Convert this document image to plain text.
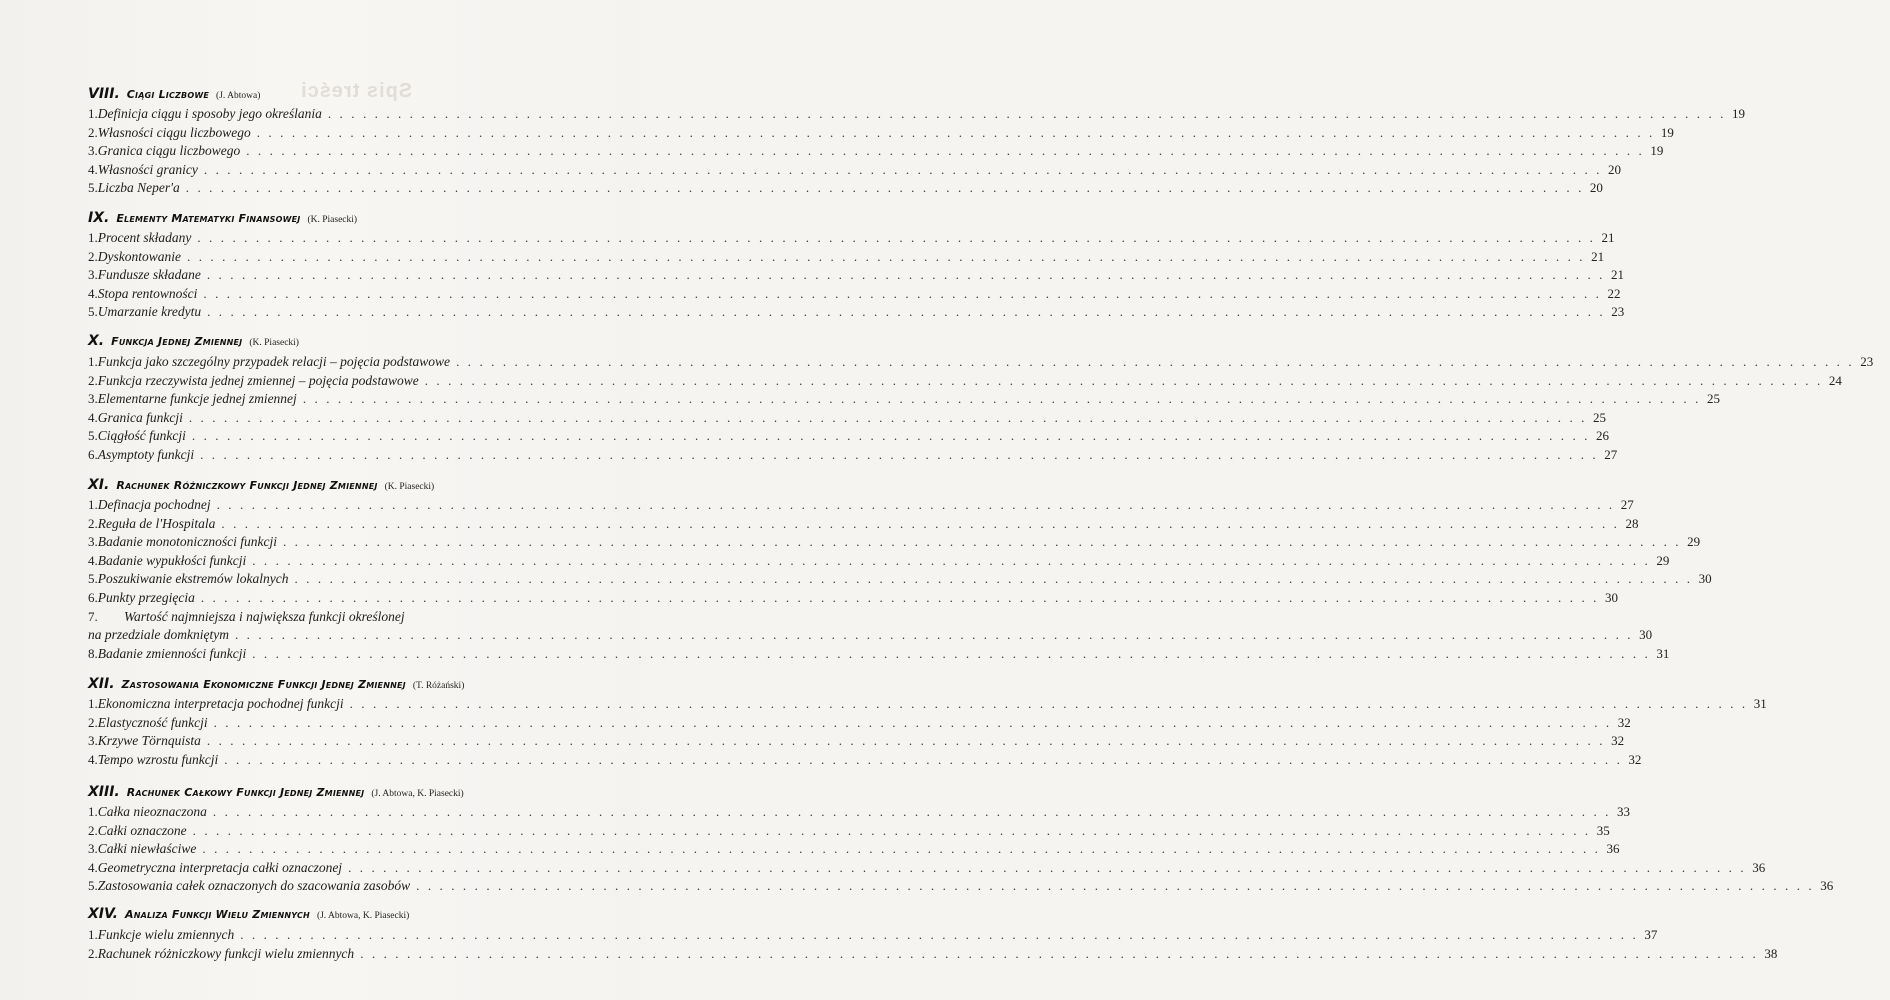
Spis treści
VIII. Ciągi Liczbowe (J. Abtowa)
1. Definicja ciągu i sposoby jego określania . . . . . . . . . . . . . . . . . . . . . . . . . . . . . . . . . . . . . . . . . . . . . . . . . . . . . . . . . . . . . . . . . . . . . . . . . . . . . . . . . . . . . . . . . . . . . . . . . . . . . . . . . . . . . . . . . . . . . . . . 19
2. Własności ciągu liczbowego . . . . . . . . . . . . . . . . . . . . . . . . . . . . . . . . . . . . . . . . . . . . . . . . . . . . . . . . . . . . . . . . . . . . . . . . . . . . . . . . . . . . . . . . . . . . . . . . . . . . . . . . . . . . . . . . . . . . . . . . 19
3. Granica ciągu liczbowego . . . . . . . . . . . . . . . . . . . . . . . . . . . . . . . . . . . . . . . . . . . . . . . . . . . . . . . . . . . . . . . . . . . . . . . . . . . . . . . . . . . . . . . . . . . . . . . . . . . . . . . . . . . . . . . . . . . . . . . . 19
4. Własności granicy . . . . . . . . . . . . . . . . . . . . . . . . . . . . . . . . . . . . . . . . . . . . . . . . . . . . . . . . . . . . . . . . . . . . . . . . . . . . . . . . . . . . . . . . . . . . . . . . . . . . . . . . . . . . . . . . . . . . . . . . 20
5. Liczba Neper'a . . . . . . . . . . . . . . . . . . . . . . . . . . . . . . . . . . . . . . . . . . . . . . . . . . . . . . . . . . . . . . . . . . . . . . . . . . . . . . . . . . . . . . . . . . . . . . . . . . . . . . . . . . . . . . . . . . . . . . . . 20
IX. Elementy Matematyki Finansowej (K. Piasecki)
1. Procent składany . . . . . . . . . . . . . . . . . . . . . . . . . . . . . . . . . . . . . . . . . . . . . . . . . . . . . . . . . . . . . . . . . . . . . . . . . . . . . . . . . . . . . . . . . . . . . . . . . . . . . . . . . . . . . . . . . . . . . . . . 21
2. Dyskontowanie . . . . . . . . . . . . . . . . . . . . . . . . . . . . . . . . . . . . . . . . . . . . . . . . . . . . . . . . . . . . . . . . . . . . . . . . . . . . . . . . . . . . . . . . . . . . . . . . . . . . . . . . . . . . . . . . . . . . . . . . 21
3. Fundusze składane . . . . . . . . . . . . . . . . . . . . . . . . . . . . . . . . . . . . . . . . . . . . . . . . . . . . . . . . . . . . . . . . . . . . . . . . . . . . . . . . . . . . . . . . . . . . . . . . . . . . . . . . . . . . . . . . . . . . . . . . 21
4. Stopa rentowności . . . . . . . . . . . . . . . . . . . . . . . . . . . . . . . . . . . . . . . . . . . . . . . . . . . . . . . . . . . . . . . . . . . . . . . . . . . . . . . . . . . . . . . . . . . . . . . . . . . . . . . . . . . . . . . . . . . . . . . . 22
5. Umarzanie kredytu . . . . . . . . . . . . . . . . . . . . . . . . . . . . . . . . . . . . . . . . . . . . . . . . . . . . . . . . . . . . . . . . . . . . . . . . . . . . . . . . . . . . . . . . . . . . . . . . . . . . . . . . . . . . . . . . . . . . . . . . 23
X. Funkcja Jednej Zmiennej (K. Piasecki)
1. Funkcja jako szczególny przypadek relacji – pojęcia podstawowe . . . . . . . . . . . . . . . . . . . . . . . . . . . . . . . . . . . . . . . . . . . . . . . . . . . . . . . . . . . . . . . . . . . . . . . . . . . . . . . . . . . . . . . . . . . . . . . . . . . . . . . . . . . . . . . . . . . . . . . . 23
2. Funkcja rzeczywista jednej zmiennej – pojęcia podstawowe . . . . . . . . . . . . . . . . . . . . . . . . . . . . . . . . . . . . . . . . . . . . . . . . . . . . . . . . . . . . . . . . . . . . . . . . . . . . . . . . . . . . . . . . . . . . . . . . . . . . . . . . . . . . . . . . . . . . . . . . 24
3. Elementarne funkcje jednej zmiennej . . . . . . . . . . . . . . . . . . . . . . . . . . . . . . . . . . . . . . . . . . . . . . . . . . . . . . . . . . . . . . . . . . . . . . . . . . . . . . . . . . . . . . . . . . . . . . . . . . . . . . . . . . . . . . . . . . . . . . . . 25
4. Granica funkcji . . . . . . . . . . . . . . . . . . . . . . . . . . . . . . . . . . . . . . . . . . . . . . . . . . . . . . . . . . . . . . . . . . . . . . . . . . . . . . . . . . . . . . . . . . . . . . . . . . . . . . . . . . . . . . . . . . . . . . . . 25
5. Ciągłość funkcji . . . . . . . . . . . . . . . . . . . . . . . . . . . . . . . . . . . . . . . . . . . . . . . . . . . . . . . . . . . . . . . . . . . . . . . . . . . . . . . . . . . . . . . . . . . . . . . . . . . . . . . . . . . . . . . . . . . . . . . . 26
6. Asymptoty funkcji . . . . . . . . . . . . . . . . . . . . . . . . . . . . . . . . . . . . . . . . . . . . . . . . . . . . . . . . . . . . . . . . . . . . . . . . . . . . . . . . . . . . . . . . . . . . . . . . . . . . . . . . . . . . . . . . . . . . . . . . 27
XI. Rachunek Różniczkowy Funkcji Jednej Zmiennej (K. Piasecki)
1. Definacja pochodnej . . . . . . . . . . . . . . . . . . . . . . . . . . . . . . . . . . . . . . . . . . . . . . . . . . . . . . . . . . . . . . . . . . . . . . . . . . . . . . . . . . . . . . . . . . . . . . . . . . . . . . . . . . . . . . . . . . . . . . . . 27
2. Reguła de l'Hospitala . . . . . . . . . . . . . . . . . . . . . . . . . . . . . . . . . . . . . . . . . . . . . . . . . . . . . . . . . . . . . . . . . . . . . . . . . . . . . . . . . . . . . . . . . . . . . . . . . . . . . . . . . . . . . . . . . . . . . . . . 28
3. Badanie monotoniczności funkcji . . . . . . . . . . . . . . . . . . . . . . . . . . . . . . . . . . . . . . . . . . . . . . . . . . . . . . . . . . . . . . . . . . . . . . . . . . . . . . . . . . . . . . . . . . . . . . . . . . . . . . . . . . . . . . . . . . . . . . . . 29
4. Badanie wypukłości funkcji . . . . . . . . . . . . . . . . . . . . . . . . . . . . . . . . . . . . . . . . . . . . . . . . . . . . . . . . . . . . . . . . . . . . . . . . . . . . . . . . . . . . . . . . . . . . . . . . . . . . . . . . . . . . . . . . . . . . . . . . 29
5. Poszukiwanie ekstremów lokalnych . . . . . . . . . . . . . . . . . . . . . . . . . . . . . . . . . . . . . . . . . . . . . . . . . . . . . . . . . . . . . . . . . . . . . . . . . . . . . . . . . . . . . . . . . . . . . . . . . . . . . . . . . . . . . . . . . . . . . . . . 30
6. Punkty przegięcia . . . . . . . . . . . . . . . . . . . . . . . . . . . . . . . . . . . . . . . . . . . . . . . . . . . . . . . . . . . . . . . . . . . . . . . . . . . . . . . . . . . . . . . . . . . . . . . . . . . . . . . . . . . . . . . . . . . . . . . . 30
7.	Wartość najmniejsza i największa funkcji określonej
na przedziale domkniętym . . . . . . . . . . . . . . . . . . . . . . . . . . . . . . . . . . . . . . . . . . . . . . . . . . . . . . . . . . . . . . . . . . . . . . . . . . . . . . . . . . . . . . . . . . . . . . . . . . . . . . . . . . . . . . . . . . . . . . . . 30
8. Badanie zmienności funkcji . . . . . . . . . . . . . . . . . . . . . . . . . . . . . . . . . . . . . . . . . . . . . . . . . . . . . . . . . . . . . . . . . . . . . . . . . . . . . . . . . . . . . . . . . . . . . . . . . . . . . . . . . . . . . . . . . . . . . . . . 31
XII. Zastosowania Ekonomiczne Funkcji Jednej Zmiennej (T. Różański)
1. Ekonomiczna interpretacja pochodnej funkcji . . . . . . . . . . . . . . . . . . . . . . . . . . . . . . . . . . . . . . . . . . . . . . . . . . . . . . . . . . . . . . . . . . . . . . . . . . . . . . . . . . . . . . . . . . . . . . . . . . . . . . . . . . . . . . . . . . . . . . . . 31
2. Elastyczność funkcji . . . . . . . . . . . . . . . . . . . . . . . . . . . . . . . . . . . . . . . . . . . . . . . . . . . . . . . . . . . . . . . . . . . . . . . . . . . . . . . . . . . . . . . . . . . . . . . . . . . . . . . . . . . . . . . . . . . . . . . . 32
3. Krzywe Törnquista . . . . . . . . . . . . . . . . . . . . . . . . . . . . . . . . . . . . . . . . . . . . . . . . . . . . . . . . . . . . . . . . . . . . . . . . . . . . . . . . . . . . . . . . . . . . . . . . . . . . . . . . . . . . . . . . . . . . . . . . 32
4. Tempo wzrostu funkcji . . . . . . . . . . . . . . . . . . . . . . . . . . . . . . . . . . . . . . . . . . . . . . . . . . . . . . . . . . . . . . . . . . . . . . . . . . . . . . . . . . . . . . . . . . . . . . . . . . . . . . . . . . . . . . . . . . . . . . . . 32
XIII. Rachunek Całkowy Funkcji Jednej Zmiennej (J. Abtowa, K. Piasecki)
1. Całka nieoznaczona . . . . . . . . . . . . . . . . . . . . . . . . . . . . . . . . . . . . . . . . . . . . . . . . . . . . . . . . . . . . . . . . . . . . . . . . . . . . . . . . . . . . . . . . . . . . . . . . . . . . . . . . . . . . . . . . . . . . . . . . 33
2. Całki oznaczone . . . . . . . . . . . . . . . . . . . . . . . . . . . . . . . . . . . . . . . . . . . . . . . . . . . . . . . . . . . . . . . . . . . . . . . . . . . . . . . . . . . . . . . . . . . . . . . . . . . . . . . . . . . . . . . . . . . . . . . . 35
3. Całki niewłaściwe . . . . . . . . . . . . . . . . . . . . . . . . . . . . . . . . . . . . . . . . . . . . . . . . . . . . . . . . . . . . . . . . . . . . . . . . . . . . . . . . . . . . . . . . . . . . . . . . . . . . . . . . . . . . . . . . . . . . . . . . 36
4. Geometryczna interpretacja całki oznaczonej . . . . . . . . . . . . . . . . . . . . . . . . . . . . . . . . . . . . . . . . . . . . . . . . . . . . . . . . . . . . . . . . . . . . . . . . . . . . . . . . . . . . . . . . . . . . . . . . . . . . . . . . . . . . . . . . . . . . . . . . 36
5. Zastosowania całek oznaczonych do szacowania zasobów . . . . . . . . . . . . . . . . . . . . . . . . . . . . . . . . . . . . . . . . . . . . . . . . . . . . . . . . . . . . . . . . . . . . . . . . . . . . . . . . . . . . . . . . . . . . . . . . . . . . . . . . . . . . . . . . . . . . . . . . 36
XIV. Analiza Funkcji Wielu Zmiennych (J. Abtowa, K. Piasecki)
1. Funkcje wielu zmiennych . . . . . . . . . . . . . . . . . . . . . . . . . . . . . . . . . . . . . . . . . . . . . . . . . . . . . . . . . . . . . . . . . . . . . . . . . . . . . . . . . . . . . . . . . . . . . . . . . . . . . . . . . . . . . . . . . . . . . . . . 37
2. Rachunek różniczkowy funkcji wielu zmiennych . . . . . . . . . . . . . . . . . . . . . . . . . . . . . . . . . . . . . . . . . . . . . . . . . . . . . . . . . . . . . . . . . . . . . . . . . . . . . . . . . . . . . . . . . . . . . . . . . . . . . . . . . . . . . . . . . . . . . . . . 38
